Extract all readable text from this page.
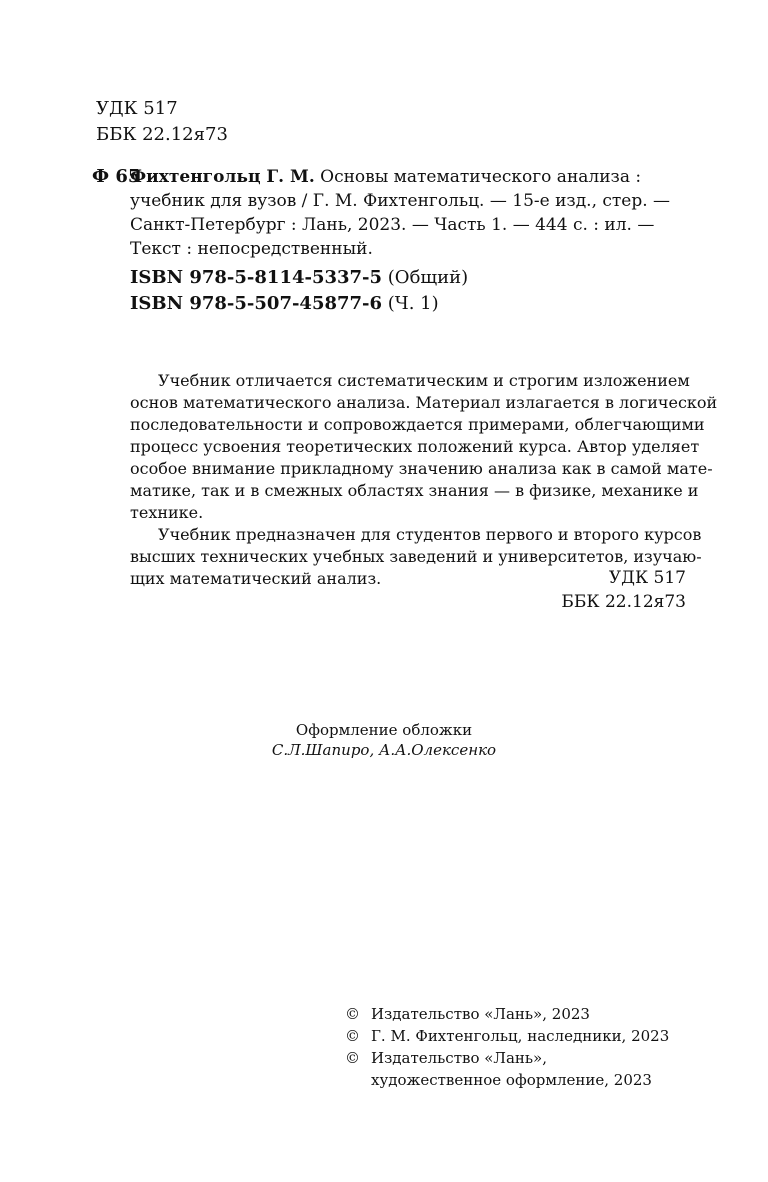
УДК 517
ББК 22.12я73
Ф 65
Фихтенгольц Г. М. Основы математического анализа :
учебник для вузов / Г. М. Фихтенгольц. — 15-е изд., стер. —
Санкт-Петербург : Лань, 2023. — Часть 1. — 444 с. : ил. —
Текст : непосредственный.
ISBN 978-5-8114-5337-5 (Общий)
ISBN 978-5-507-45877-6 (Ч. 1)
Учебник отличается систематическим и строгим изложением
основ математического анализа. Материал излагается в логической
последовательности и сопровождается примерами, облегчающими
процесс усвоения теоретических положений курса. Автор уделяет
особое внимание прикладному значению анализа как в самой мате-
матике, так и в смежных областях знания — в физике, механике и
технике.
Учебник предназначен для студентов первого и второго курсов
высших технических учебных заведений и университетов, изучаю-
щих математический анализ.	УДК 517
ББК 22.12я73
Оформление обложки
С.Л.Шапиро, А.А.Олексенко
© Издательство «Лань», 2023
© Г. М. Фихтенгольц, наследники, 2023
© Издательство «Лань»,
художественное оформление, 2023
